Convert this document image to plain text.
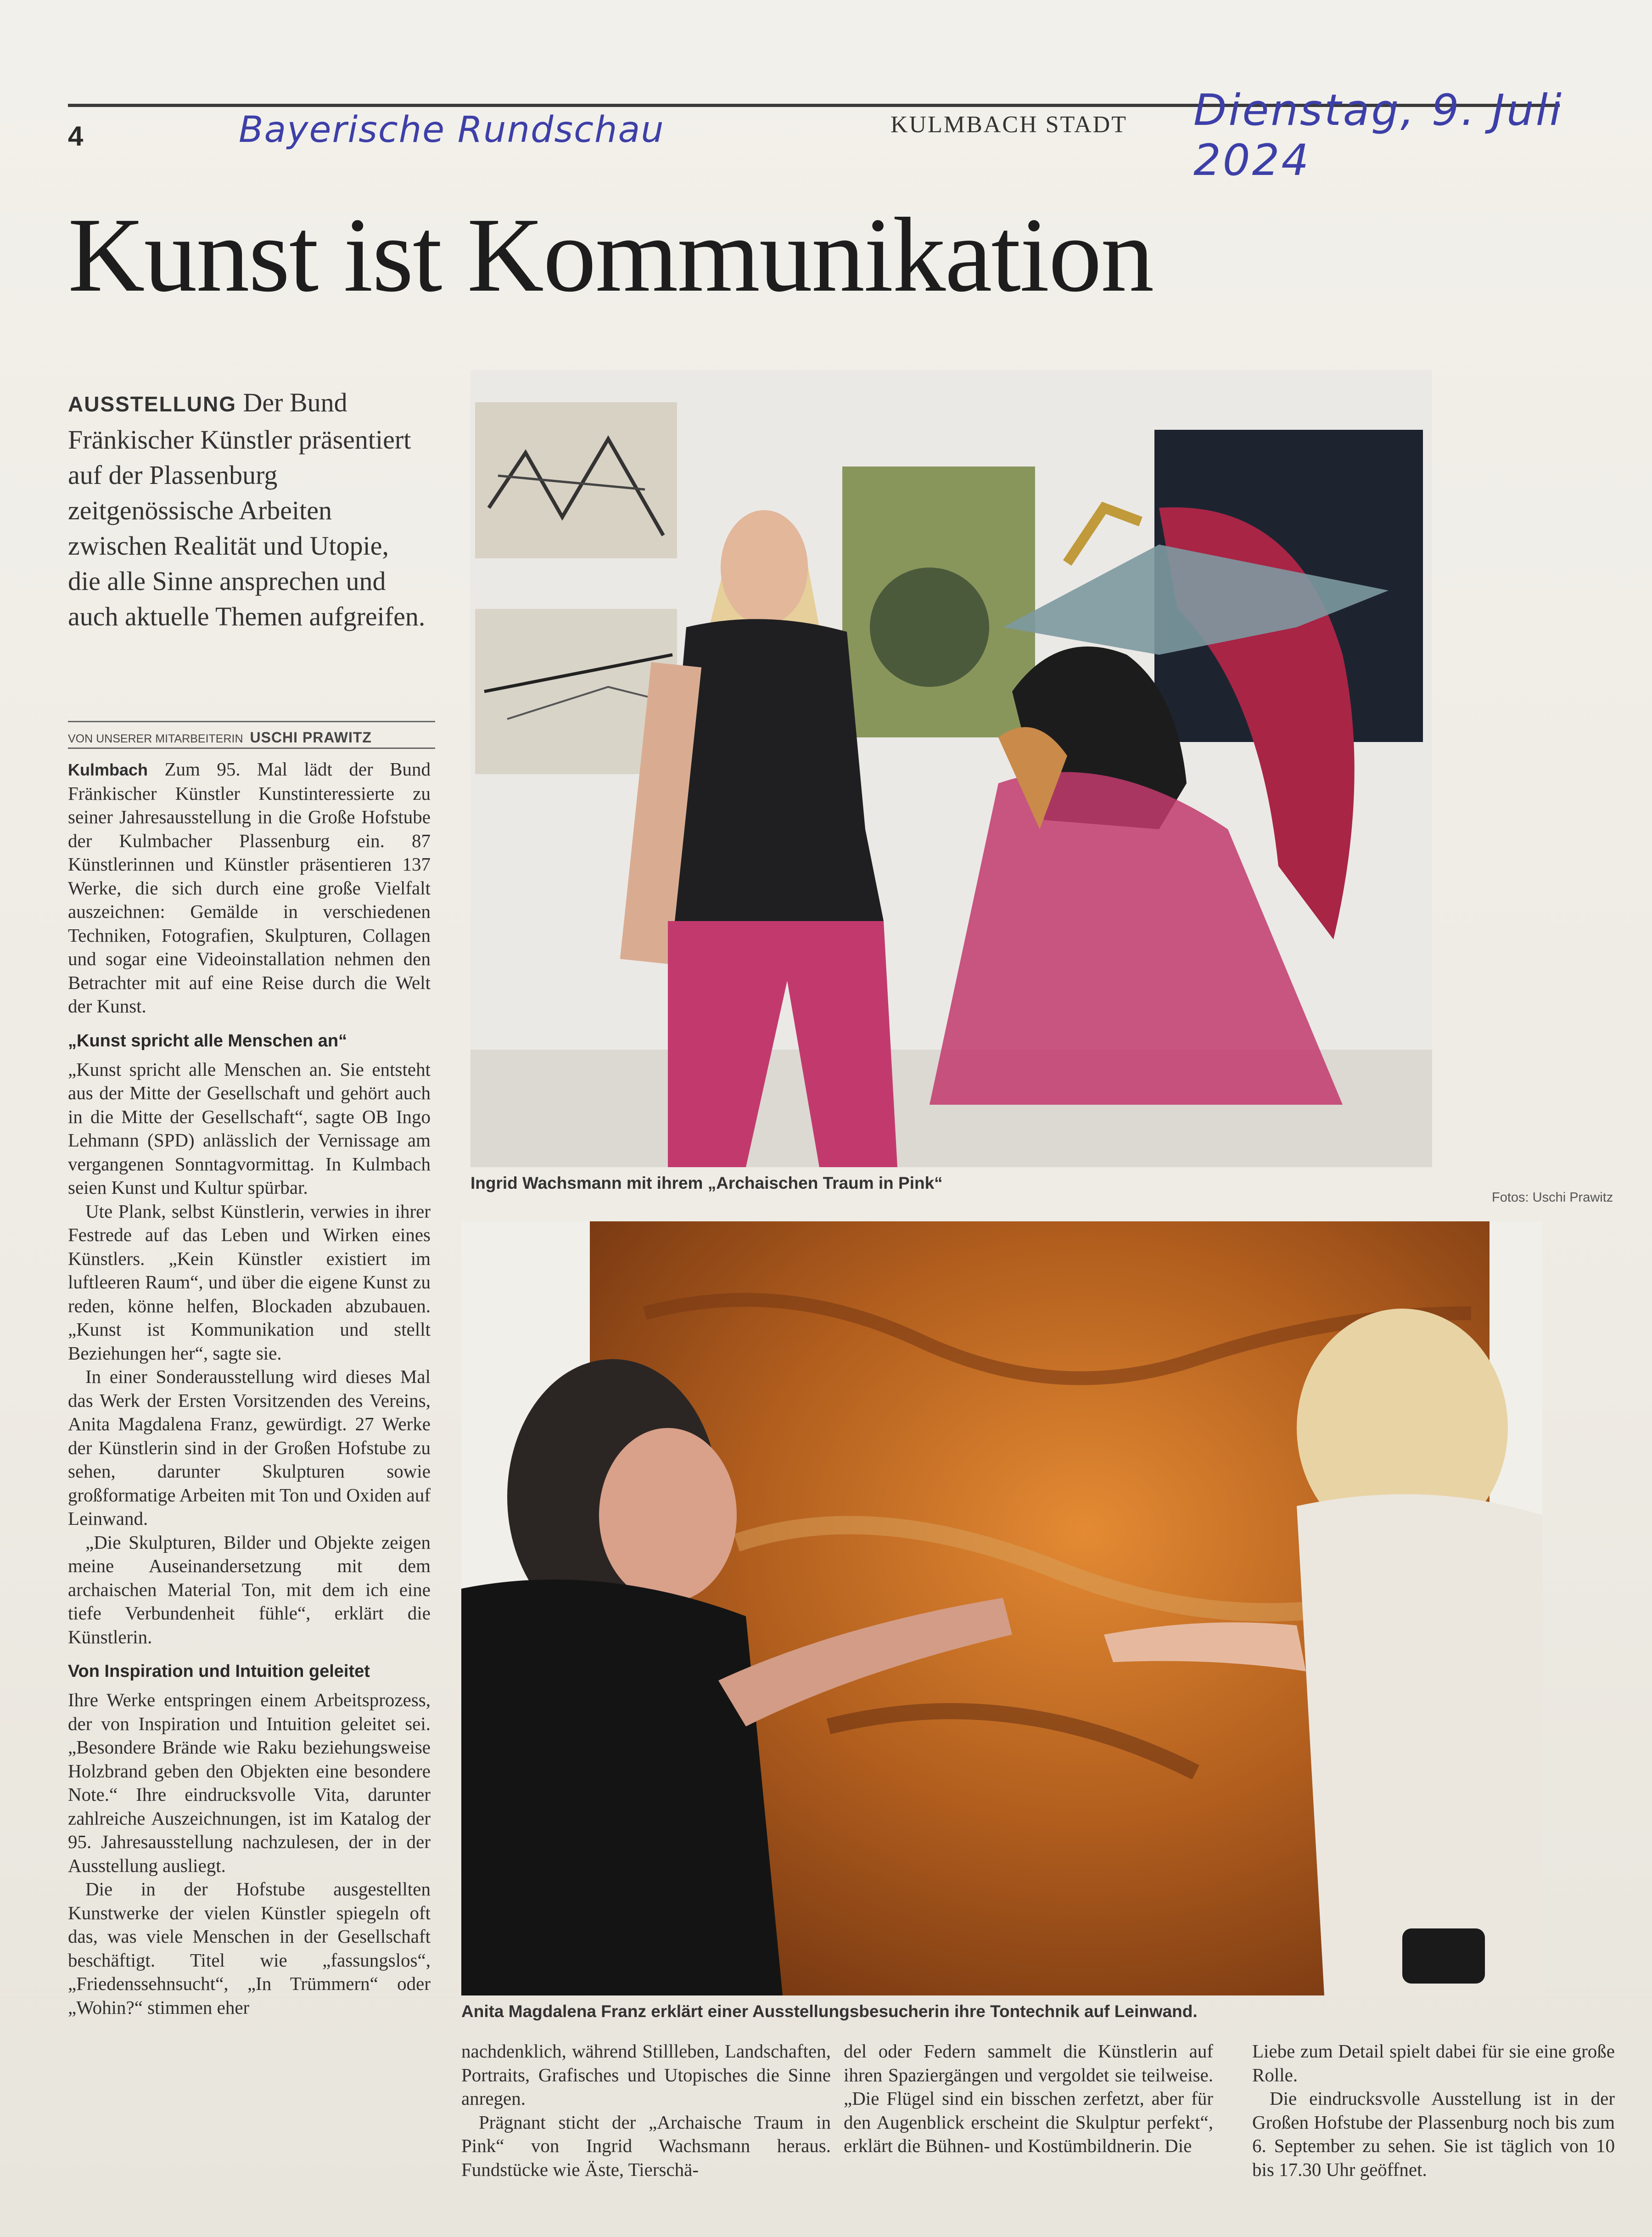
4	Bayerische Rundschau	KULMBACH STADT Dienstag, 9. Juli 2024
Kunst ist Kommunikation
AUSSTELLUNG Der Bund Fränkischer Künstler präsentiert auf der Plassenburg zeitgenössische Arbeiten zwischen Realität und Utopie, die alle Sinne ansprechen und auch aktuelle Themen aufgreifen.
VON UNSERER MITARBEITERIN USCHI PRAWITZ

Kulmbach Zum 95. Mal lädt der Bund Fränkischer Künstler Kunstinteressierte zu seiner Jahresausstellung in die Große Hofstube der Kulmbacher Plassenburg ein. 87 Künstlerinnen und Künstler präsentieren 137 Werke, die sich durch eine große Vielfalt auszeichnen: Gemälde in verschiedenen Techniken, Fotografien, Skulpturen, Collagen und sogar eine Videoinstallation nehmen den Betrachter mit auf eine Reise durch die Welt der Kunst.

„Kunst spricht alle Menschen an“

„Kunst spricht alle Menschen an. Sie entsteht aus der Mitte der Gesellschaft und gehört auch in die Mitte der Gesellschaft“, sagte OB Ingo Lehmann (SPD) anlässlich der Vernissage am vergangenen Sonntagvormittag. In Kulmbach seien Kunst und Kultur spürbar.

Ute Plank, selbst Künstlerin, verwies in ihrer Festrede auf das Leben und Wirken eines Künstlers. „Kein Künstler existiert im luftleeren Raum“, und über die eigene Kunst zu reden, könne helfen, Blockaden abzubauen. „Kunst ist Kommunikation und stellt Beziehungen her“, sagte sie.

In einer Sonderausstellung wird dieses Mal das Werk der Ersten Vorsitzenden des Vereins, Anita Magdalena Franz, gewürdigt. 27 Werke der Künstlerin sind in der Großen Hofstube zu sehen, darunter Skulpturen sowie großformatige Arbeiten mit Ton und Oxiden auf Leinwand.

„Die Skulpturen, Bilder und Objekte zeigen meine Auseinandersetzung mit dem archaischen Material Ton, mit dem ich eine tiefe Verbundenheit fühle“, erklärt die Künstlerin.

Von Inspiration und Intuition geleitet

Ihre Werke entspringen einem Arbeitsprozess, der von Inspiration und Intuition geleitet sei. „Besondere Brände wie Raku beziehungsweise Holzbrand geben den Objekten eine besondere Note.“ Ihre eindrucksvolle Vita, darunter zahlreiche Auszeichnungen, ist im Katalog der 95. Jahresausstellung nachzulesen, der in der Ausstellung ausliegt.

Die in der Hofstube ausgestellten Kunstwerke der vielen Künstler spiegeln oft das, was viele Menschen in der Gesellschaft beschäftigt. Titel wie „fassungslos“, „Friedenssehnsucht“, „In Trümmern“ oder „Wohin?“ stimmen eher

Ingrid Wachsmann mit ihrem „Archaischen Traum in Pink“
Fotos: Uschi Prawitz
Anita Magdalena Franz erklärt einer Ausstellungsbesucherin ihre Tontechnik auf Leinwand.

nachdenklich, während Stillleben, Landschaften, Portraits, Grafisches und Utopisches die Sinne anregen.

Prägnant sticht der „Archaische Traum in Pink“ von Ingrid Wachsmann heraus. Fundstücke wie Äste, Tierschä-

del oder Federn sammelt die Künstlerin auf ihren Spaziergängen und vergoldet sie teilweise. „Die Flügel sind ein bisschen zerfetzt, aber für den Augenblick erscheint die Skulptur perfekt“, erklärt die Bühnen- und Kostümbildnerin. Die

Liebe zum Detail spielt dabei für sie eine große Rolle.

Die eindrucksvolle Ausstellung ist in der Großen Hofstube der Plassenburg noch bis zum 6. September zu sehen. Sie ist täglich von 10 bis 17.30 Uhr geöffnet.
